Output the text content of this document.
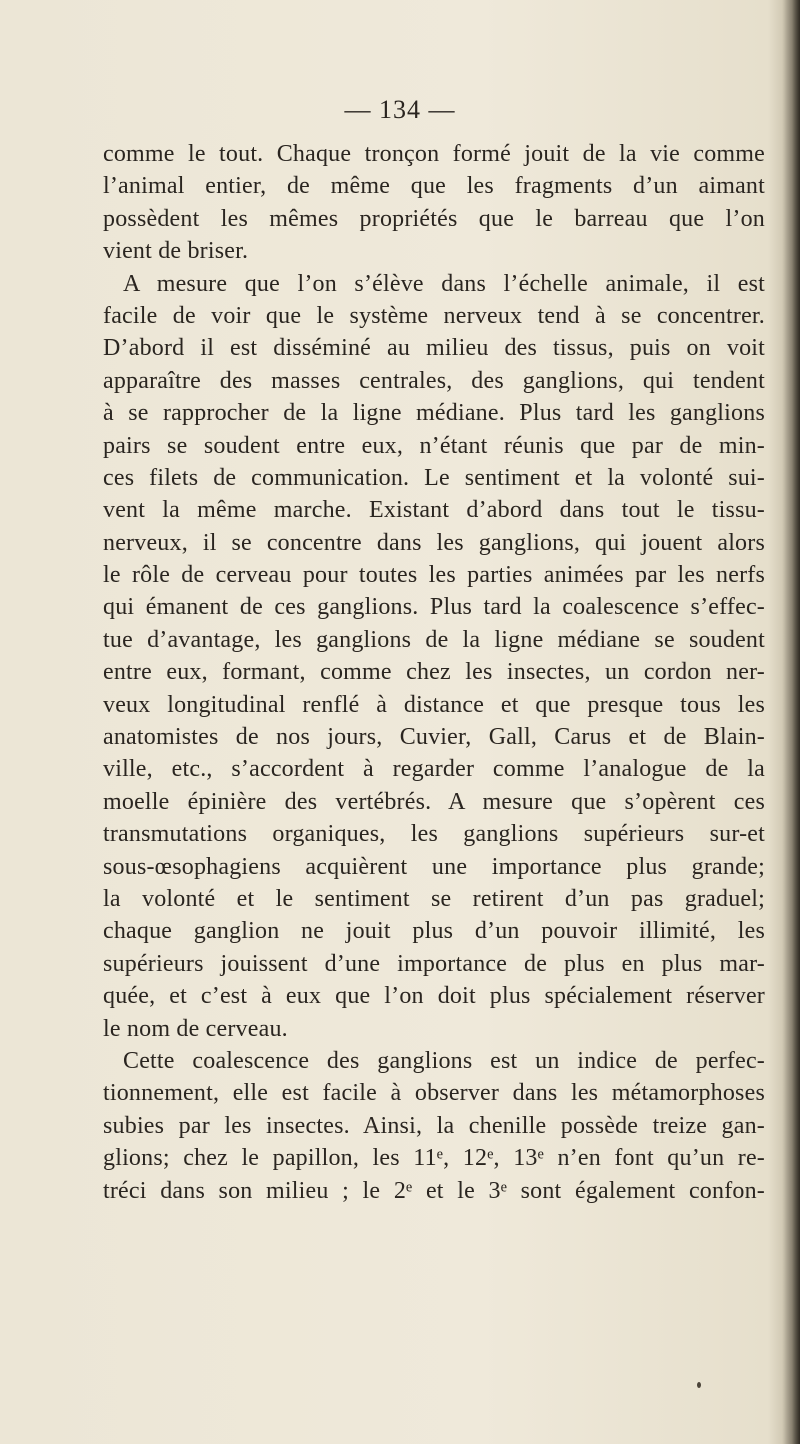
— 134 —
comme le tout. Chaque tronçon formé jouit de la vie comme
l’animal entier, de même que les fragments d’un aimant
possèdent les mêmes propriétés que le barreau que l’on
vient de briser.
A mesure que l’on s’élève dans l’échelle animale, il est
facile de voir que le système nerveux tend à se concentrer.
D’abord il est disséminé au milieu des tissus, puis on voit
apparaître des masses centrales, des ganglions, qui tendent
à se rapprocher de la ligne médiane. Plus tard les ganglions
pairs se soudent entre eux, n’étant réunis que par de min-
ces filets de communication. Le sentiment et la volonté sui-
vent la même marche. Existant d’abord dans tout le tissu-
nerveux, il se concentre dans les ganglions, qui jouent alors
le rôle de cerveau pour toutes les parties animées par les nerfs
qui émanent de ces ganglions. Plus tard la coalescence s’effec-
tue d’avantage, les ganglions de la ligne médiane se soudent
entre eux, formant, comme chez les insectes, un cordon ner-
veux longitudinal renflé à distance et que presque tous les
anatomistes de nos jours, Cuvier, Gall, Carus et de Blain-
ville, etc., s’accordent à regarder comme l’analogue de la
moelle épinière des vertébrés. A mesure que s’opèrent ces
transmutations organiques, les ganglions supérieurs sur-et
sous-œsophagiens acquièrent une importance plus grande;
la volonté et le sentiment se retirent d’un pas graduel;
chaque ganglion ne jouit plus d’un pouvoir illimité, les
supérieurs jouissent d’une importance de plus en plus mar-
quée, et c’est à eux que l’on doit plus spécialement réserver
le nom de cerveau.
Cette coalescence des ganglions est un indice de perfec-
tionnement, elle est facile à observer dans les métamorphoses
subies par les insectes. Ainsi, la chenille possède treize gan-
glions; chez le papillon, les 11ᵉ, 12ᵉ, 13ᵉ n’en font qu’un re-
tréci dans son milieu ; le 2ᵉ et le 3ᵉ sont également confon-
